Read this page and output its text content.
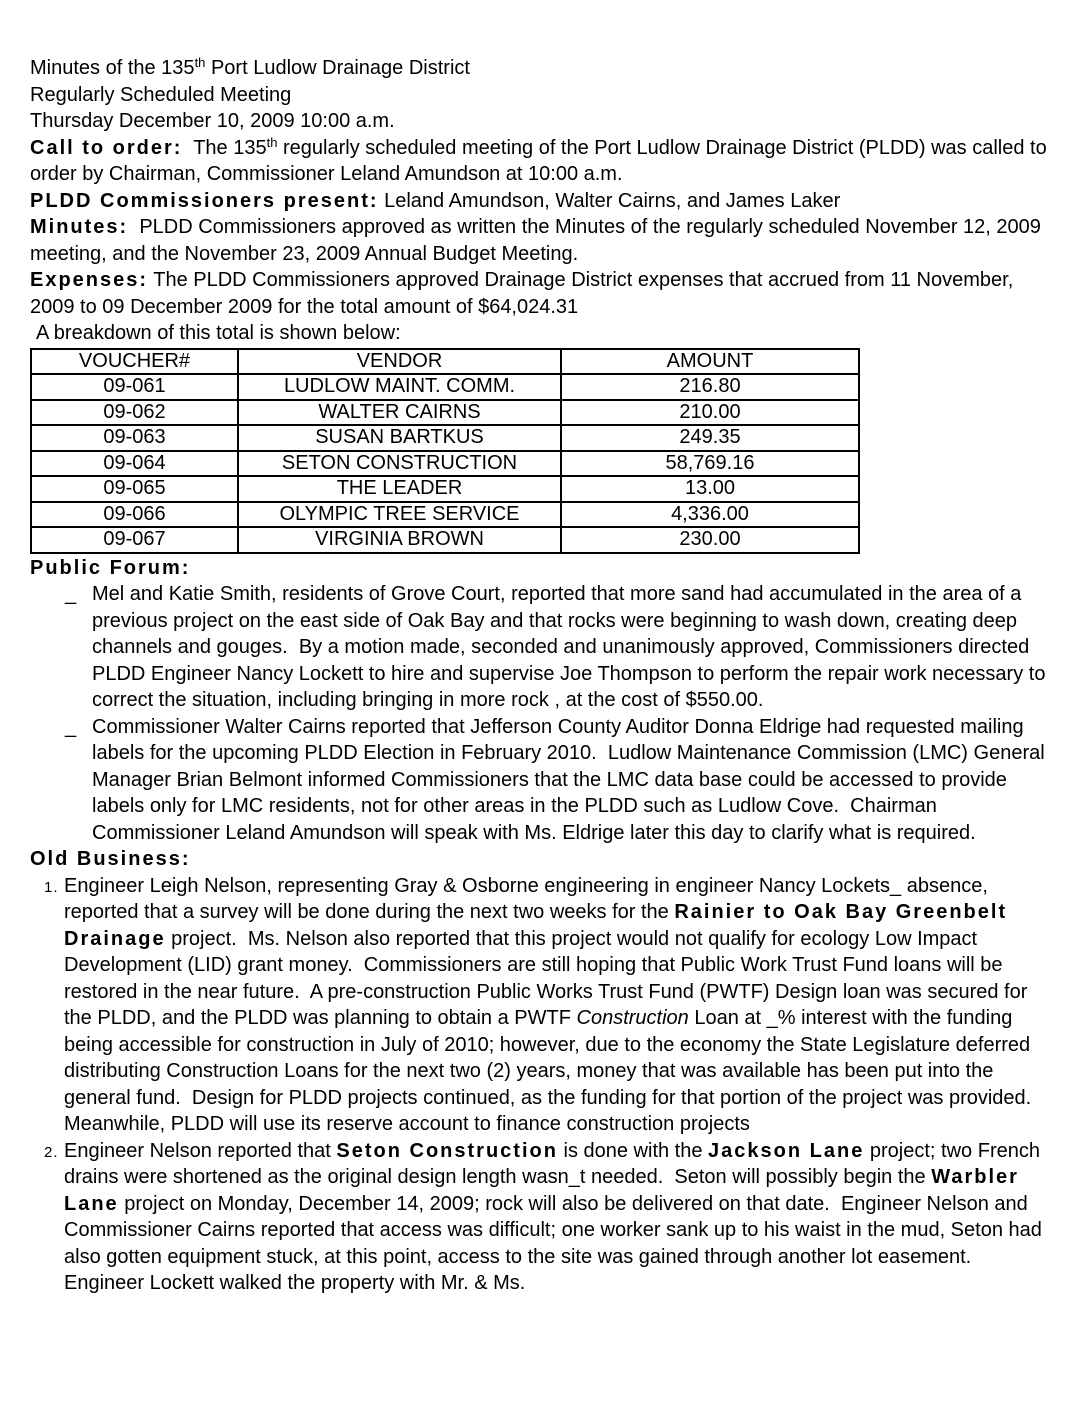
Minutes of the 135th Port Ludlow Drainage District

Regularly Scheduled Meeting

Thursday December 10, 2009 10:00 a.m.

Call to order:  The 135th regularly scheduled meeting of the Port Ludlow Drainage District (PLDD) was called to order by Chairman, Commissioner Leland Amundson at 10:00 a.m.

PLDD Commissioners present: Leland Amundson, Walter Cairns, and James Laker

Minutes:  PLDD Commissioners approved as written the Minutes of the regularly scheduled November 12, 2009 meeting, and the November 23, 2009 Annual Budget Meeting.

Expenses: The PLDD Commissioners approved Drainage District expenses that accrued from 11 November, 2009 to 09 December 2009 for the total amount of $64,024.31

A breakdown of this total is shown below:

VOUCHER#	VENDOR	AMOUNT
09-061	LUDLOW MAINT. COMM.	216.80
09-062	WALTER CAIRNS	210.00
09-063	SUSAN BARTKUS	249.35
09-064	SETON CONSTRUCTION	58,769.16
09-065	THE LEADER	13.00
09-066	OLYMPIC TREE SERVICE	4,336.00
09-067	VIRGINIA BROWN	230.00

Public Forum:

_ Mel and Katie Smith, residents of Grove Court, reported that more sand had accumulated in the area of a previous project on the east side of Oak Bay and that rocks were beginning to wash down, creating deep channels and gouges.  By a motion made, seconded and unanimously approved, Commissioners directed PLDD Engineer Nancy Lockett to hire and supervise Joe Thompson to perform the repair work necessary to correct the situation, including bringing in more rock , at the cost of $550.00.
_ Commissioner Walter Cairns reported that Jefferson County Auditor Donna Eldrige had requested mailing labels for the upcoming PLDD Election in February 2010.  Ludlow Maintenance Commission (LMC) General Manager Brian Belmont informed Commissioners that the LMC data base could be accessed to provide labels only for LMC residents, not for other areas in the PLDD such as Ludlow Cove.  Chairman Commissioner Leland Amundson will speak with Ms. Eldrige later this day to clarify what is required.

Old Business:

1. Engineer Leigh Nelson, representing Gray & Osborne engineering in engineer Nancy Lockets_ absence, reported that a survey will be done during the next two weeks for the Rainier to Oak Bay Greenbelt Drainage project.  Ms. Nelson also reported that this project would not qualify for ecology Low Impact Development (LID) grant money.  Commissioners are still hoping that Public Work Trust Fund loans will be restored in the near future.  A pre-construction Public Works Trust Fund (PWTF) Design loan was secured for the PLDD, and the PLDD was planning to obtain a PWTF Construction Loan at _% interest with the funding being accessible for construction in July of 2010; however, due to the economy the State Legislature deferred distributing Construction Loans for the next two (2) years, money that was available has been put into the general fund.  Design for PLDD projects continued, as the funding for that portion of the project was provided.  Meanwhile, PLDD will use its reserve account to finance construction projects
2. Engineer Nelson reported that Seton Construction is done with the Jackson Lane project; two French drains were shortened as the original design length wasn_t needed.  Seton will possibly begin the Warbler Lane project on Monday, December 14, 2009; rock will also be delivered on that date.  Engineer Nelson and Commissioner Cairns reported that access was difficult; one worker sank up to his waist in the mud, Seton had also gotten equipment stuck, at this point, access to the site was gained through another lot easement.  Engineer Lockett walked the property with Mr. & Ms.
